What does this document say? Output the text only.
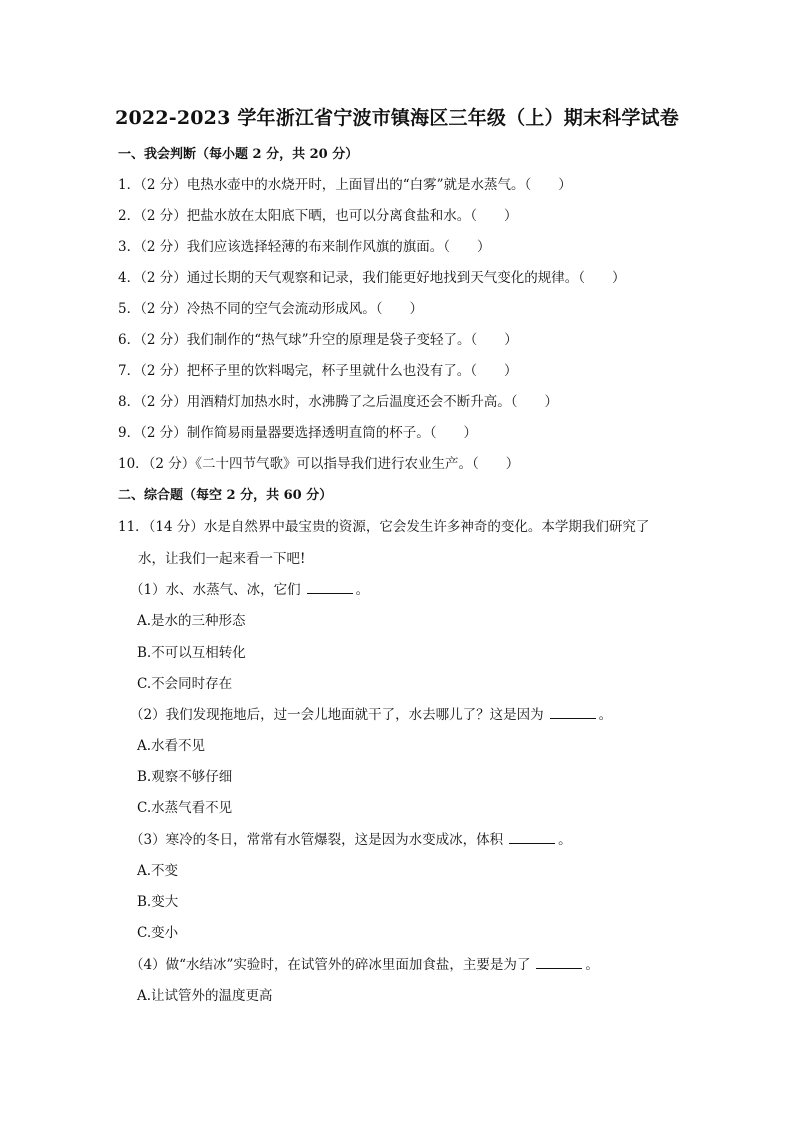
2022-2023 学年浙江省宁波市镇海区三年级（上）期末科学试卷
一、我会判断（每小题 2 分，共 20 分）
1．（2 分）电热水壶中的水烧开时，上面冒出的“白雾”就是水蒸气。（　　）
2．（2 分）把盐水放在太阳底下晒，也可以分离食盐和水。（　　）
3．（2 分）我们应该选择轻薄的布来制作风旗的旗面。（　　）
4．（2 分）通过长期的天气观察和记录，我们能更好地找到天气变化的规律。（　　）
5．（2 分）冷热不同的空气会流动形成风。（　　）
6．（2 分）我们制作的“热气球”升空的原理是袋子变轻了。（　　）
7．（2 分）把杯子里的饮料喝完，杯子里就什么也没有了。（　　）
8．（2 分）用酒精灯加热水时，水沸腾了之后温度还会不断升高。（　　）
9．（2 分）制作简易雨量器要选择透明直筒的杯子。（　　）
10．（2 分）《二十四节气歌》可以指导我们进行农业生产。（　　）
二、综合题（每空 2 分，共 60 分）
11．（14 分）水是自然界中最宝贵的资源，它会发生许多神奇的变化。本学期我们研究了
水，让我们一起来看一下吧!
（1）水、水蒸气、冰，它们	。
A.是水的三种形态
B.不可以互相转化
C.不会同时存在
（2）我们发现拖地后，过一会儿地面就干了，水去哪儿了？这是因为	。
A.水看不见
B.观察不够仔细
C.水蒸气看不见
（3）寒冷的冬日，常常有水管爆裂，这是因为水变成冰，体积	。
A.不变
B.变大
C.变小
（4）做“水结冰”实验时，在试管外的碎冰里面加食盐，主要是为了	。
A.让试管外的温度更高
